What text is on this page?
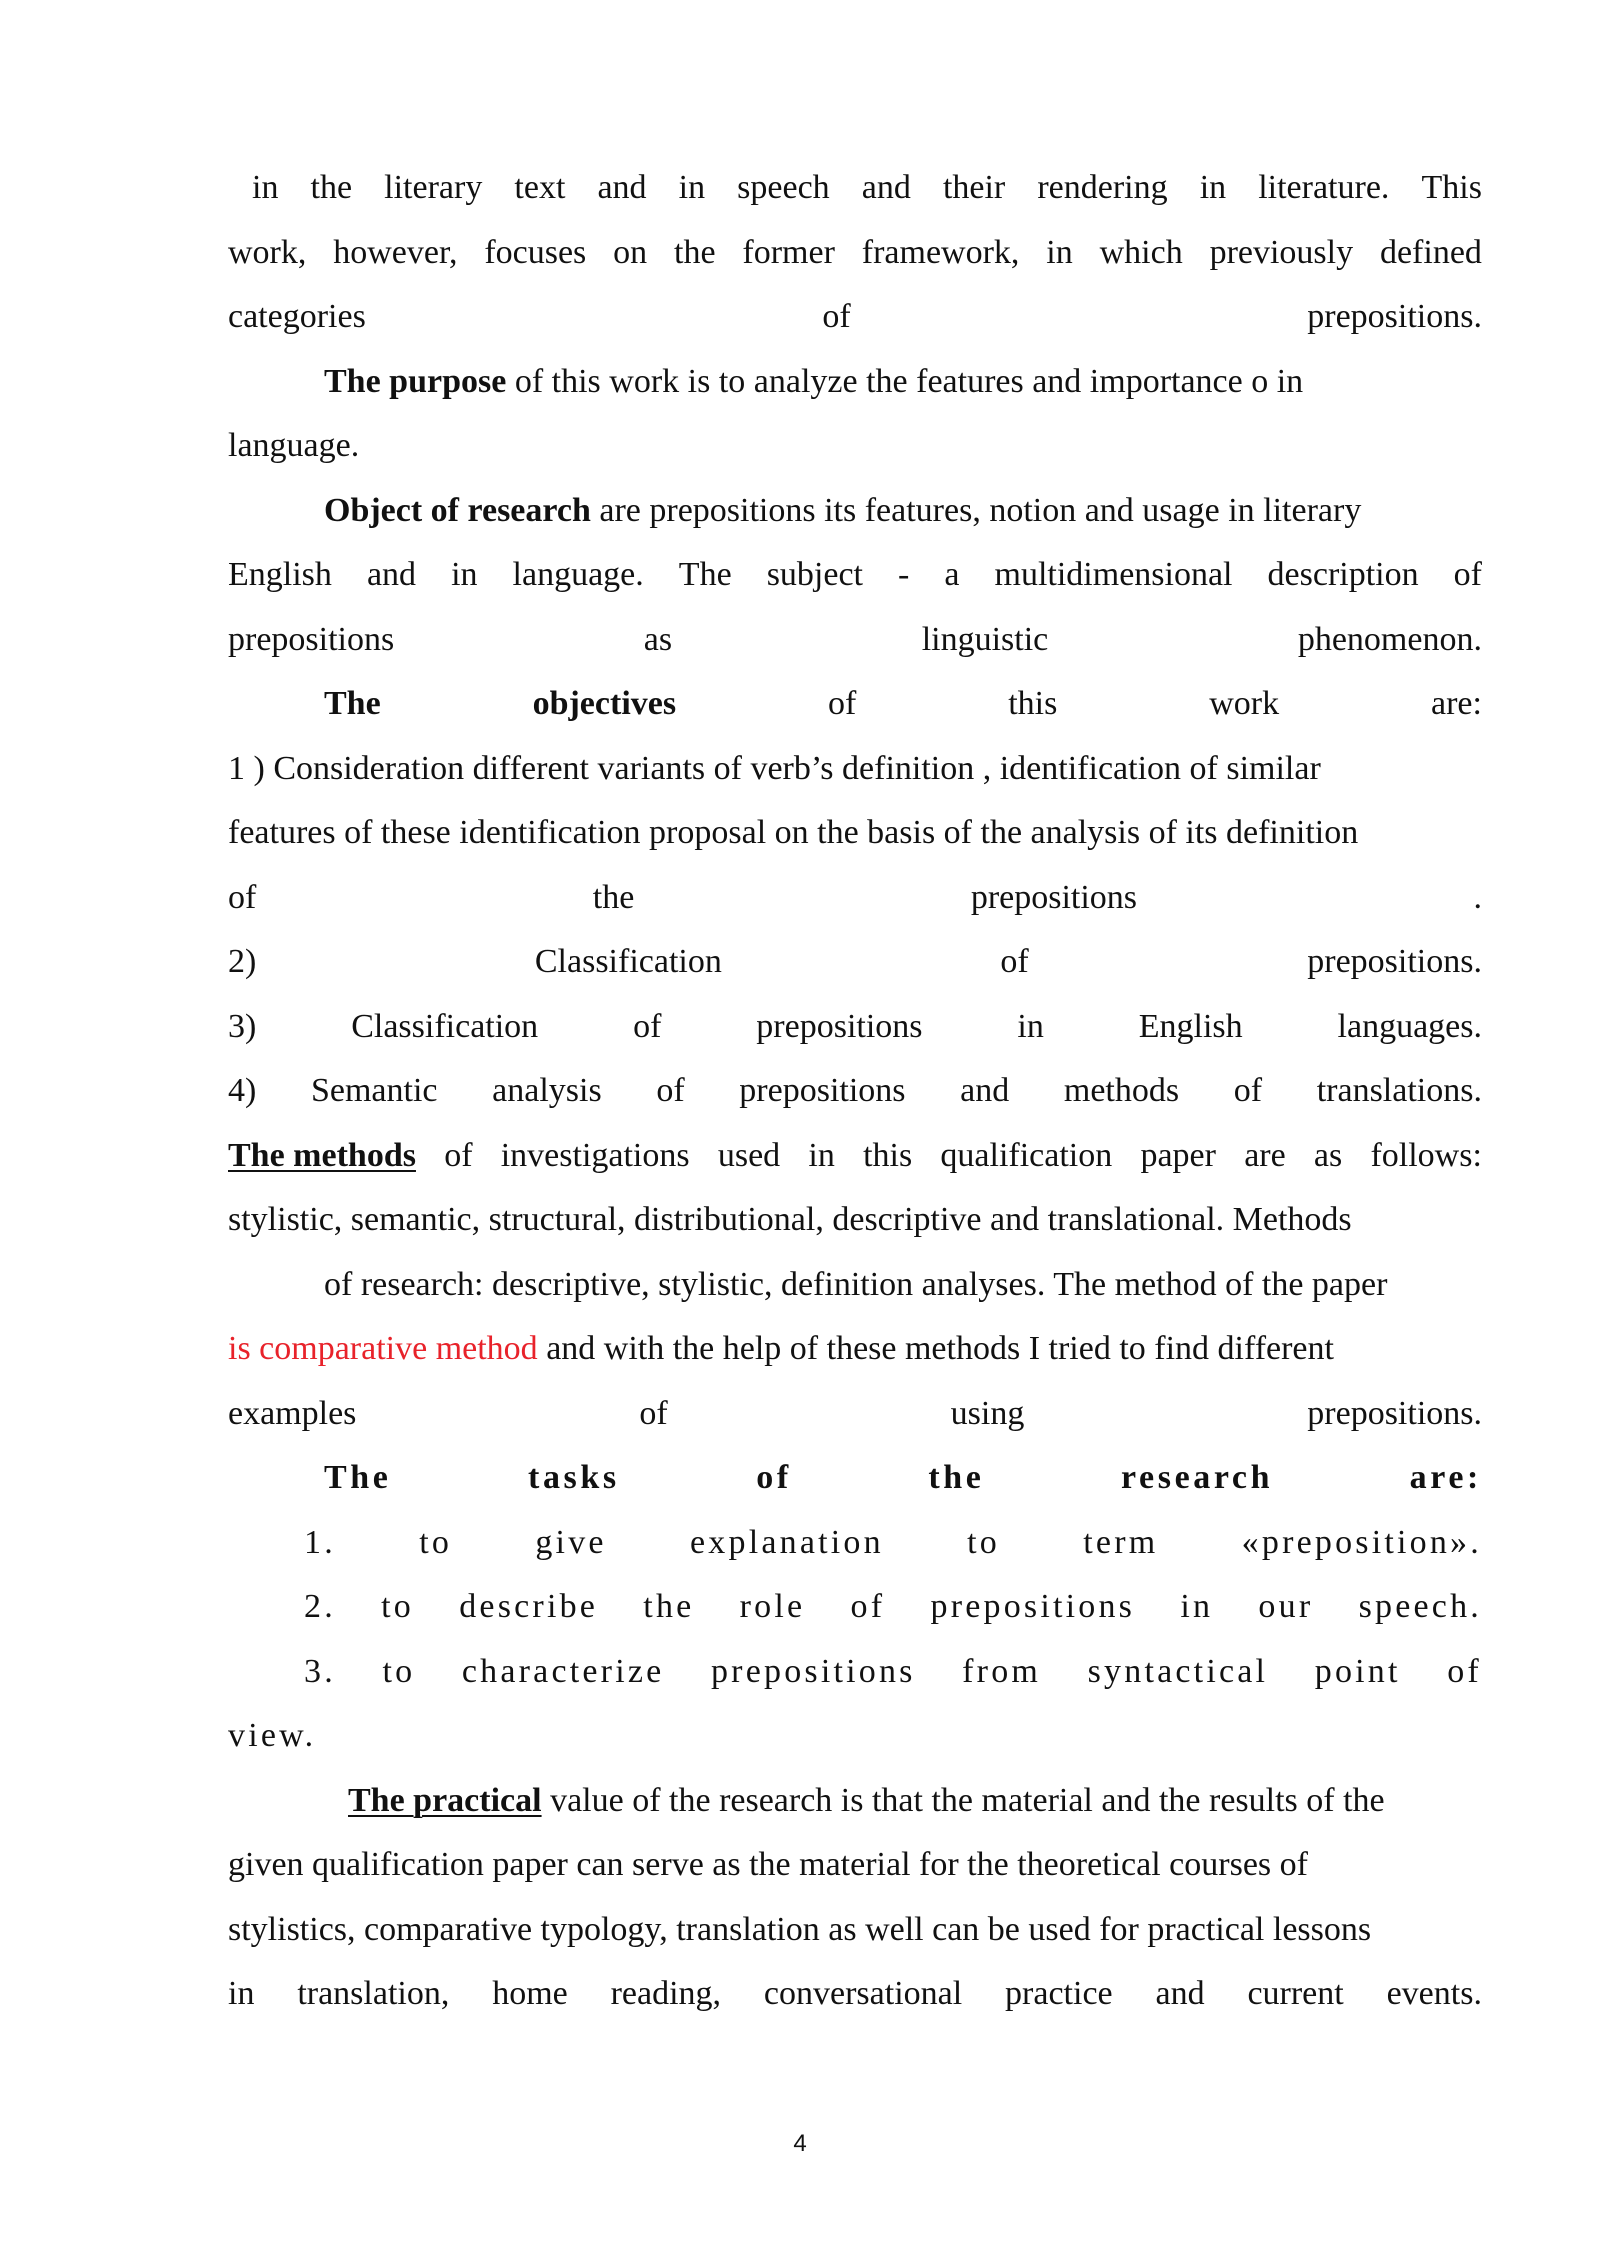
in the literary text and in speech and their rendering in literature. This
work, however, focuses on the former framework, in which previously defined
categories	of	prepositions.
The purpose of this work is to analyze the features and importance o in
language.
Object of research are prepositions its features, notion and usage in literary
English and in language. The subject - a multidimensional description of
prepositions	as	linguistic	phenomenon.
The	objectives	of	this	work	are:
1 ) Consideration different variants of verb’s definition , identification of similar
features of these identification proposal on the basis of the analysis of its definition
of	the	prepositions	.
2)	Classification	of	prepositions.
3)	Classification	of	prepositions	in	English	languages.
4) Semantic analysis of prepositions and methods of translations.
The methods of investigations used in this qualification paper are as follows:
stylistic, semantic, structural, distributional, descriptive and translational. Methods
of research: descriptive, stylistic, definition analyses. The method of the paper
is comparative method and with the help of these methods I tried to find different
examples	of	using	prepositions.
The	tasks	of	the	research	are:
1. to give explanation to term «preposition».
2. to describe the role of prepositions in our speech.
3. to characterize prepositions from syntactical point of
view.
The practical value of the research is that the material and the results of the
given qualification paper can serve as the material for the theoretical courses of
stylistics, comparative typology, translation as well can be used for practical lessons
in translation, home reading, conversational practice and current events.
4
